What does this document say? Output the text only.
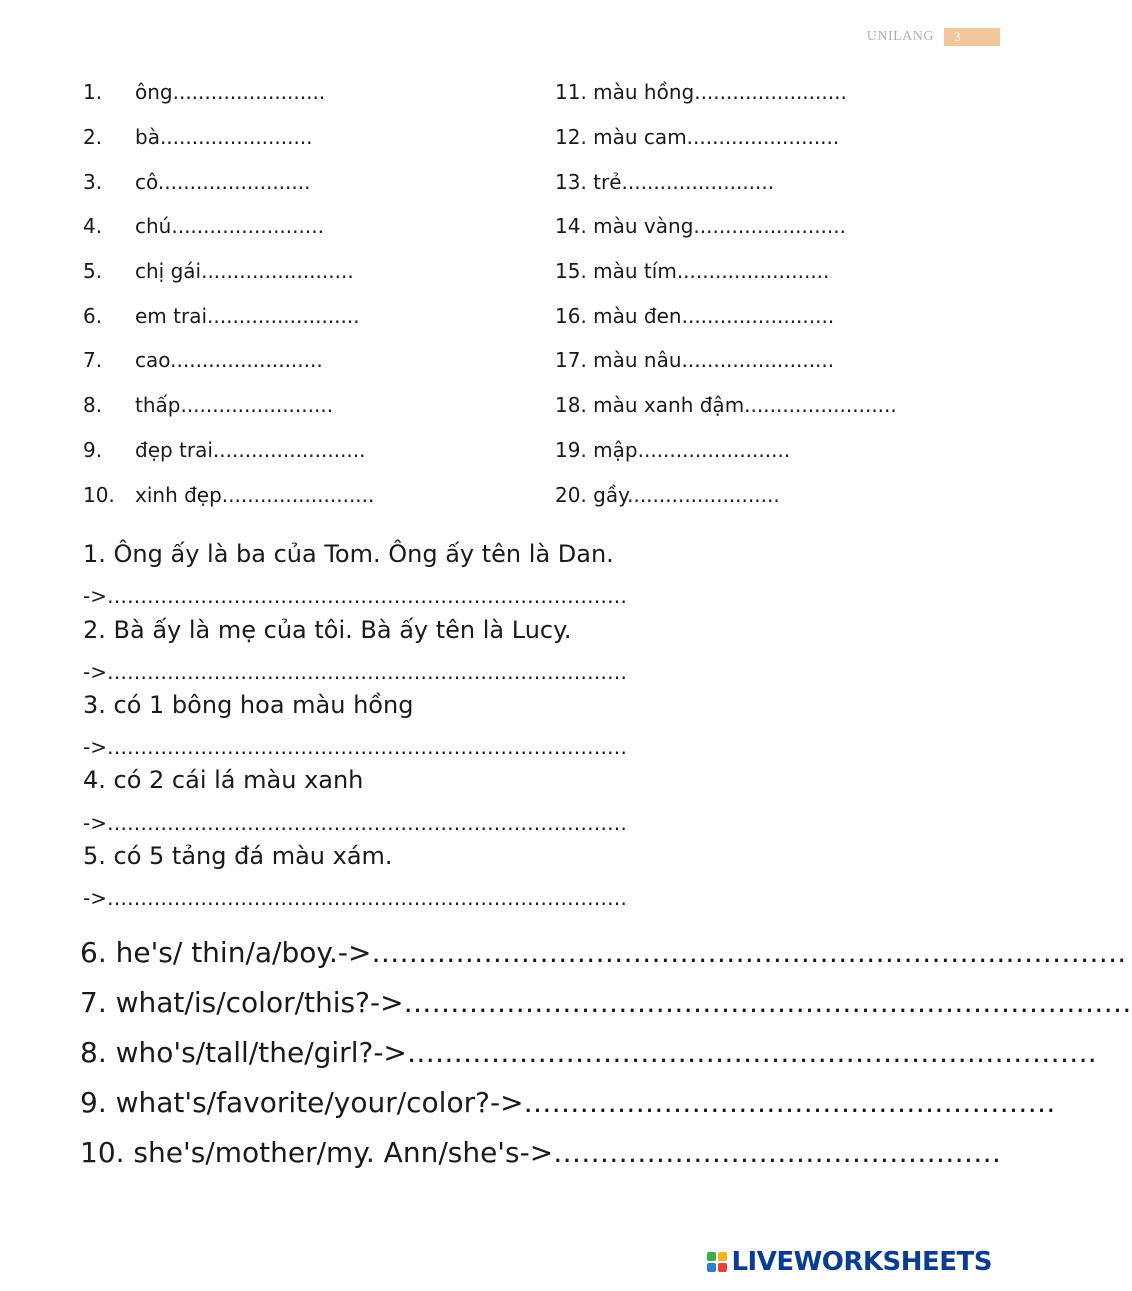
UNILANG	3
1. ông........................
2. bà........................
3. cô........................
4. chú........................
5. chị gái........................
6. em trai........................
7. cao........................
8. thấp........................
9. đẹp trai........................
10. xinh đẹp........................
11. màu hồng........................
12. màu cam........................
13. trẻ........................
14. màu vàng........................
15. màu tím........................
16. màu đen........................
17. màu nâu........................
18. màu xanh đậm........................
19. mập........................
20. gầy........................
1. Ông ấy là ba của Tom. Ông ấy tên là Dan.
->……………………………………………………………………
2. Bà ấy là mẹ của tôi. Bà ấy tên là Lucy.
->……………………………………………………………………
3. có 1 bông hoa màu hồng
->……………………………………………………………………
4. có 2 cái lá màu xanh
->……………………………………………………………………
5. có 5 tảng đá màu xám.
->……………………………………………………………………
6. he's/ thin/a/boy.->…………………………………………………………..………….
7. what/is/color/this?->……………………………………………………………………
8. who's/tall/the/girl?->…………………………………………………….………….
9. what's/favorite/your/color?->…………………………………………………
10. she's/mother/my. Ann/she's->…………………………………………
LIVEWORKSHEETS
